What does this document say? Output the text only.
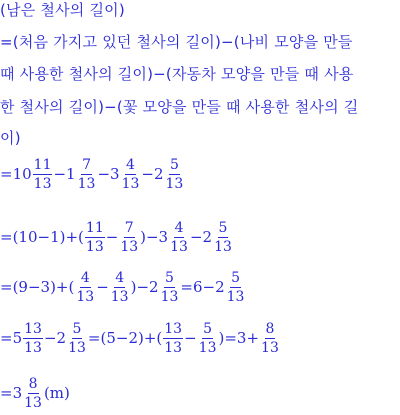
(남은 철사의 길이)
=(처음 가지고 있던 철사의 길이)−(나비 모양을 만들
때 사용한 철사의 길이)−(자동차 모양을 만들 때 사용
한 철사의 길이)−(꽃 모양을 만들 때 사용한 철사의 길
이)
$=10 \frac{11}{13} -1 \frac{7}{13} -3 \frac{4}{13} -2 \frac{5}{13}$
$=(10-1)+( \frac{11}{13} - \frac{7}{13} )-3 \frac{4}{13} -2 \frac{5}{13}$
$=(9-3)+( \frac{4}{13} - \frac{4}{13} )-2 \frac{5}{13} =6-2 \frac{5}{13}$
$=5 \frac{13}{13} -2 \frac{5}{13} =(5-2)+( \frac{13}{13} - \frac{5}{13} )=3+ \frac{8}{13}$
$=3 \frac{8}{13} (m)$
